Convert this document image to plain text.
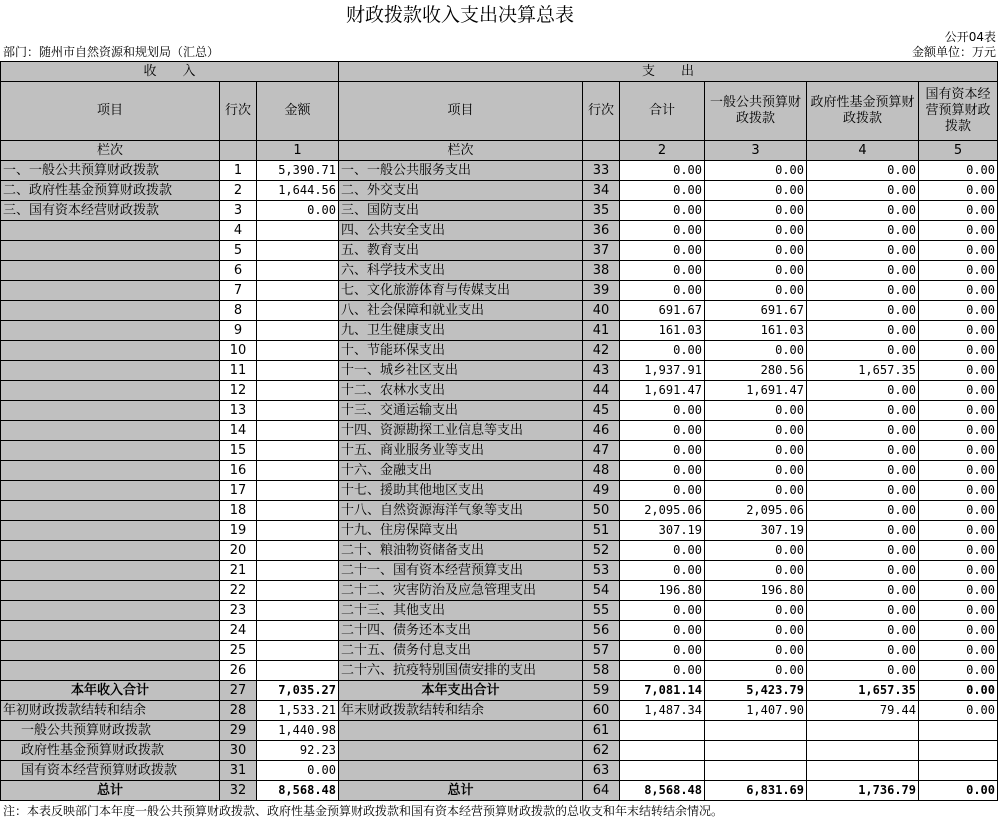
财政拨款收入支出决算总表
公开04表
部门：随州市自然资源和规划局（汇总）	金额单位：万元
收　　入			支　　出					
项目	行次	金额	项目	行次	合计	一般公共预算财政拨款	政府性基金预算财政拨款	国有资本经营预算财政拨款
栏次		1	栏次		2	3	4	5
一、一般公共预算财政拨款	1	5,390.71	一、一般公共服务支出	33	0.00	0.00	0.00	0.00
二、政府性基金预算财政拨款	2	1,644.56	二、外交支出	34	0.00	0.00	0.00	0.00
三、国有资本经营财政拨款	3	0.00	三、国防支出	35	0.00	0.00	0.00	0.00
	4		四、公共安全支出	36	0.00	0.00	0.00	0.00
	5		五、教育支出	37	0.00	0.00	0.00	0.00
	6		六、科学技术支出	38	0.00	0.00	0.00	0.00
	7		七、文化旅游体育与传媒支出	39	0.00	0.00	0.00	0.00
	8		八、社会保障和就业支出	40	691.67	691.67	0.00	0.00
	9		九、卫生健康支出	41	161.03	161.03	0.00	0.00
	10		十、节能环保支出	42	0.00	0.00	0.00	0.00
	11		十一、城乡社区支出	43	1,937.91	280.56	1,657.35	0.00
	12		十二、农林水支出	44	1,691.47	1,691.47	0.00	0.00
	13		十三、交通运输支出	45	0.00	0.00	0.00	0.00
	14		十四、资源勘探工业信息等支出	46	0.00	0.00	0.00	0.00
	15		十五、商业服务业等支出	47	0.00	0.00	0.00	0.00
	16		十六、金融支出	48	0.00	0.00	0.00	0.00
	17		十七、援助其他地区支出	49	0.00	0.00	0.00	0.00
	18		十八、自然资源海洋气象等支出	50	2,095.06	2,095.06	0.00	0.00
	19		十九、住房保障支出	51	307.19	307.19	0.00	0.00
	20		二十、粮油物资储备支出	52	0.00	0.00	0.00	0.00
	21		二十一、国有资本经营预算支出	53	0.00	0.00	0.00	0.00
	22		二十二、灾害防治及应急管理支出	54	196.80	196.80	0.00	0.00
	23		二十三、其他支出	55	0.00	0.00	0.00	0.00
	24		二十四、债务还本支出	56	0.00	0.00	0.00	0.00
	25		二十五、债务付息支出	57	0.00	0.00	0.00	0.00
	26		二十六、抗疫特别国债安排的支出	58	0.00	0.00	0.00	0.00
本年收入合计	27	7,035.27	本年支出合计	59	7,081.14	5,423.79	1,657.35	0.00
年初财政拨款结转和结余	28	1,533.21	年末财政拨款结转和结余	60	1,487.34	1,407.90	79.44	0.00
一般公共预算财政拨款	29	1,440.98		61				
政府性基金预算财政拨款	30	92.23		62				
国有资本经营预算财政拨款	31	0.00		63				
总计	32	8,568.48	总计	64	8,568.48	6,831.69	1,736.79	0.00
注：本表反映部门本年度一般公共预算财政拨款、政府性基金预算财政拨款和国有资本经营预算财政拨款的总收支和年末结转结余情况。
